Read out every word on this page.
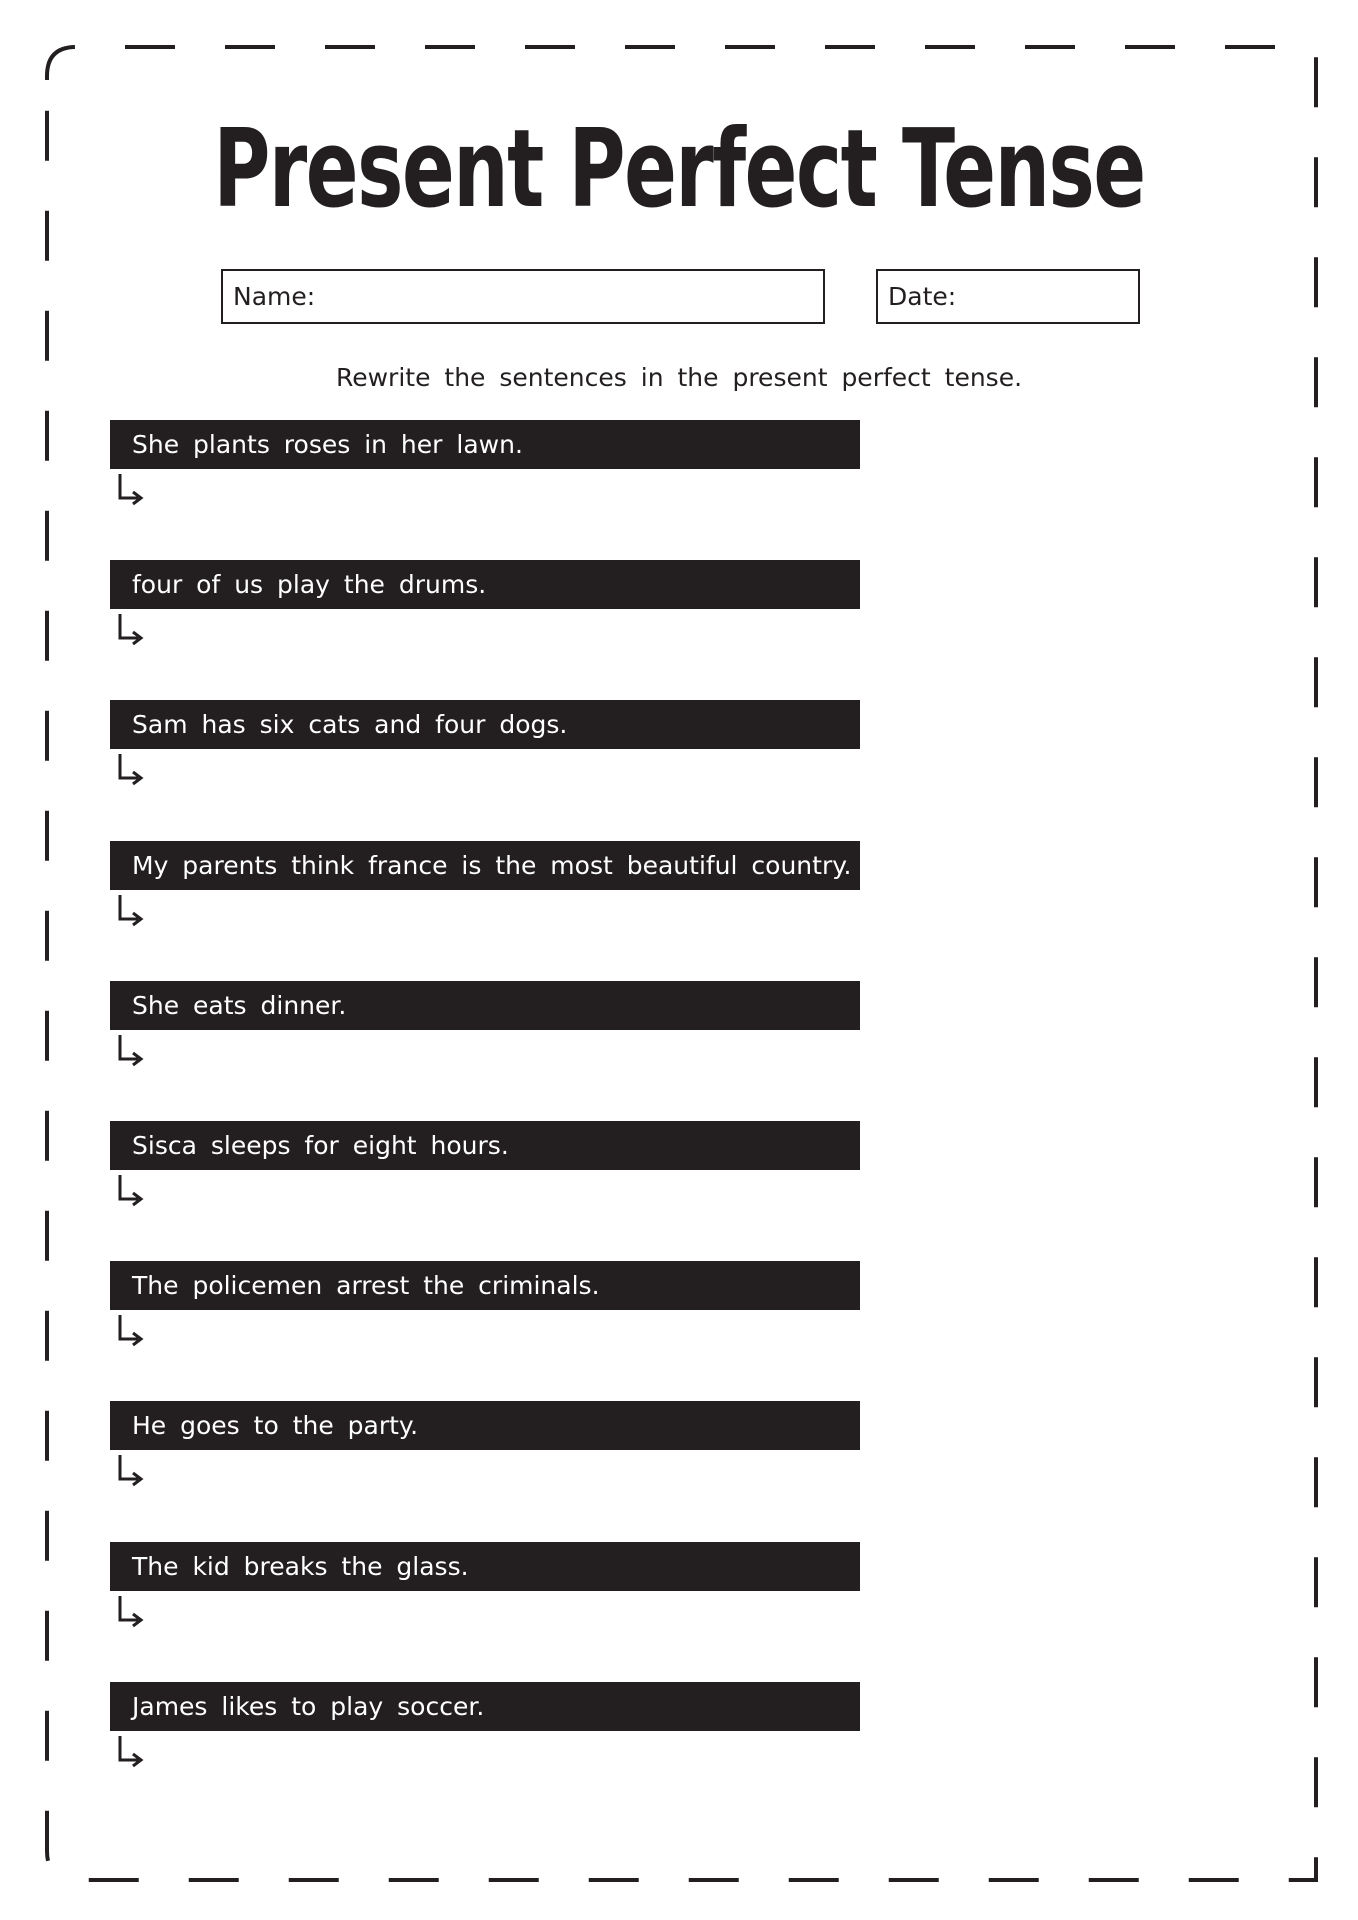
Present Perfect Tense
Name:	Date:
Rewrite the sentences in the present perfect tense.
She plants roses in her lawn.
four of us play the drums.
Sam has six cats and four dogs.
My parents think france is the most beautiful country.
She eats dinner.
Sisca sleeps for eight hours.
The policemen arrest the criminals.
He goes to the party.
The kid breaks the glass.
James likes to play soccer.
